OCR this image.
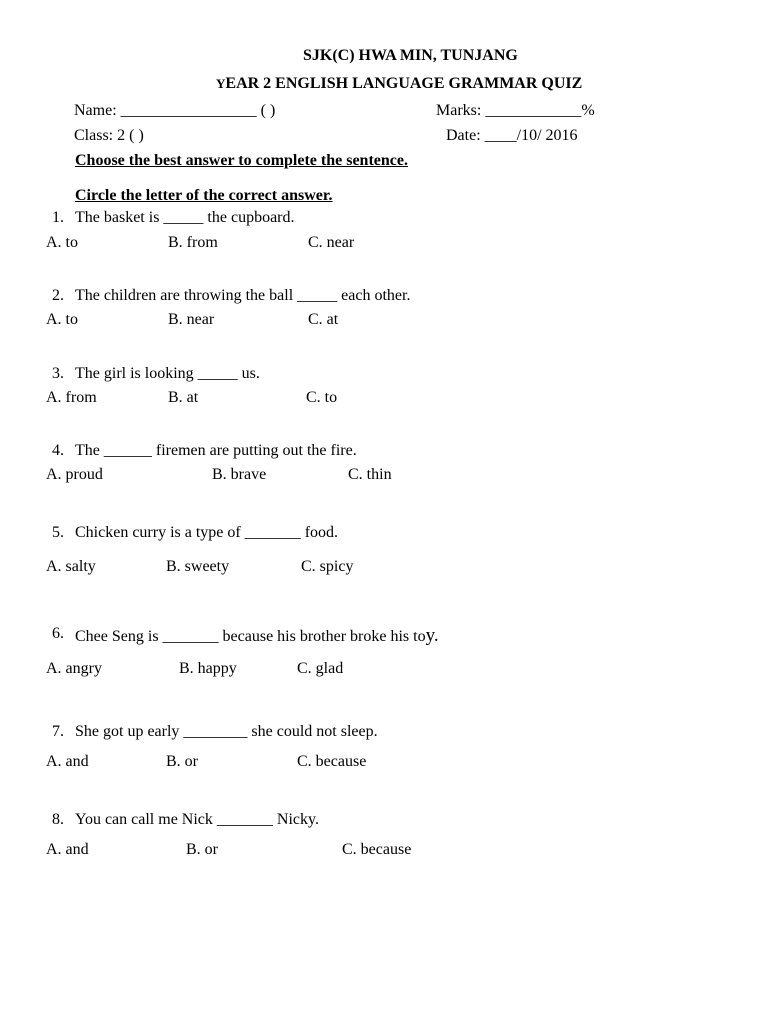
SJK(C) HWA MIN, TUNJANG
YEAR 2 ENGLISH LANGUAGE GRAMMAR QUIZ
Name: _________________ ( )	Marks: ____________%
Class: 2 ( )	Date: ____/10/ 2016
Choose the best answer to complete the sentence.
Circle the letter of the correct answer.
1. The basket is _____ the cupboard.
A. to	B. from	C. near
2. The children are throwing the ball _____ each other.
A. to	B. near	C. at
3. The girl is looking _____ us.
A. from	B. at	C. to
4. The ______ firemen are putting out the fire.
A. proud	B. brave	C. thin
5. Chicken curry is a type of _______ food.
A. salty	B. sweety	C. spicy
6. Chee Seng is _______ because his brother broke his toy.
A. angry	B. happy	C. glad
7. She got up early ________ she could not sleep.
A. and	B. or	C. because
8. You can call me Nick _______ Nicky.
A. and	B. or	C. because
